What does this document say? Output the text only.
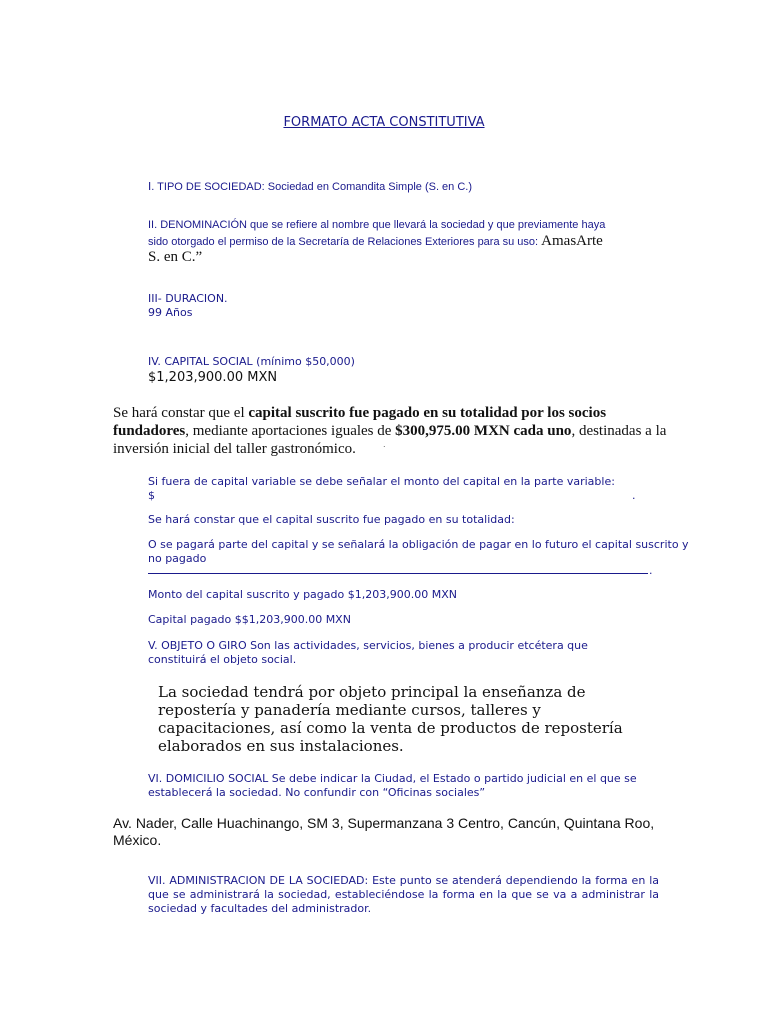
FORMATO ACTA CONSTITUTIVA
I. TIPO DE SOCIEDAD: Sociedad en Comandita Simple (S. en C.)
II. DENOMINACIÓN que se refiere al nombre que llevará la sociedad y que previamente haya
sido otorgado el permiso de la Secretaría de Relaciones Exteriores para su uso: AmasArte
S. en C.”
III- DURACION.
99 Años
IV. CAPITAL SOCIAL (mínimo $50,000)
$1,203,900.00 MXN
Se hará constar que el capital suscrito fue pagado en su totalidad por los socios fundadores, mediante aportaciones iguales de $300,975.00 MXN cada uno, destinadas a la inversión inicial del taller gastronómico.	.
Si fuera de capital variable se debe señalar el monto del capital en la parte variable:
$	.
Se hará constar que el capital suscrito fue pagado en su totalidad:
O se pagará parte del capital y se señalará la obligación de pagar en lo futuro el capital suscrito y
no pagado
.
Monto del capital suscrito y pagado $1,203,900.00 MXN
Capital pagado $$1,203,900.00 MXN
V. OBJETO O GIRO Son las actividades, servicios, bienes a producir etcétera que
constituirá el objeto social.
La sociedad tendrá por objeto principal la enseñanza de repostería y panadería mediante cursos, talleres y capacitaciones, así como la venta de productos de repostería elaborados en sus instalaciones.
VI. DOMICILIO SOCIAL Se debe indicar la Ciudad, el Estado o partido judicial en el que se
establecerá la sociedad. No confundir con “Oficinas sociales”
Av. Nader, Calle Huachinango, SM 3, Supermanzana 3 Centro, Cancún, Quintana Roo, México.
VII. ADMINISTRACION DE LA SOCIEDAD: Este punto se atenderá dependiendo la forma en la que se administrará la sociedad, estableciéndose la forma en la que se va a administrar la sociedad y facultades del administrador.
